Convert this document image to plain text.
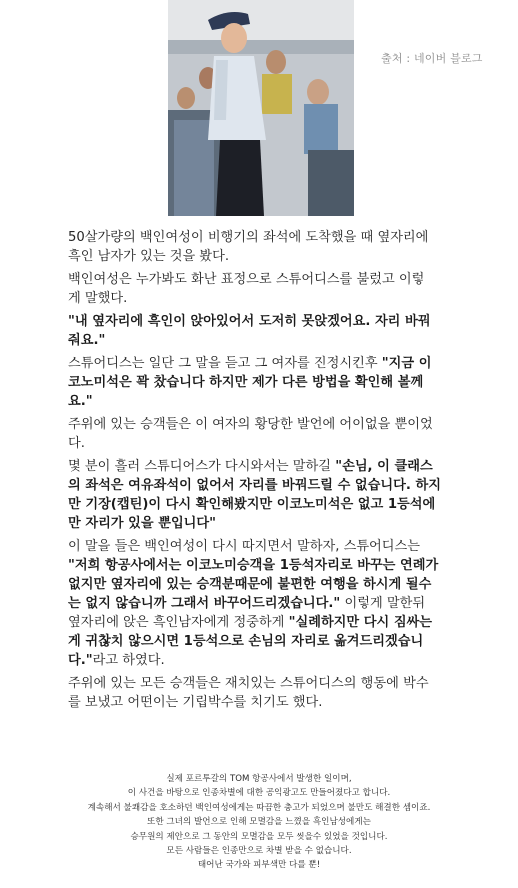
출처 : 네이버 블로그

50살가량의 백인여성이 비행기의 좌석에 도착했을 때 옆자리에
흑인 남자가 있는 것을 봤다.

백인여성은 누가봐도 화난 표정으로 스튜어디스를 불렀고 이렇
게 말했다.

"내 옆자리에 흑인이 앉아있어서 도저히 못앉겠어요. 자리 바꿔
줘요."

스튜어디스는 일단 그 말을 듣고 그 여자를 진정시킨후 "지금 이
코노미석은 꽉 찼습니다 하지만 제가 다른 방법을 확인해 볼께
요."

주위에 있는 승객들은 이 여자의 황당한 발언에 어이없을 뿐이었
다.

몇 분이 흘러 스튜디어스가 다시와서는 말하길 "손님, 이 클래스
의 좌석은 여유좌석이 없어서 자리를 바꿔드릴 수 없습니다. 하지
만 기장(캡틴)이 다시 확인해봤지만 이코노미석은 없고 1등석에
만 자리가 있을 뿐입니다"

이 말을 들은 백인여성이 다시 따지면서 말하자, 스튜어디스는
"저희 항공사에서는 이코노미승객을 1등석자리로 바꾸는 연례가
없지만 옆자리에 있는 승객분때문에 불편한 여행을 하시게 될수
는 없지 않습니까 그래서 바꾸어드리겠습니다." 이렇게 말한뒤
옆자리에 앉은 흑인남자에게 정중하게 "실례하지만 다시 짐싸는
게 귀찮치 않으시면 1등석으로 손님의 자리로 옮겨드리겠습니
다."라고 하였다.

주위에 있는 모든 승객들은 재치있는 스튜어디스의 행동에 박수
를 보냈고 어떤이는 기립박수를 치기도 했다.

실제 포르투갈의 TOM 항공사에서 발생한 일이며,
이 사건을 바탕으로 인종차별에 대한 공익광고도 만들어졌다고 합니다.
계속해서 불쾌감을 호소하던 백인여성에게는 따끔한 충고가 되었으며 불만도 해결한 셈이죠.
또한 그녀의 발언으로 인해 모멸감을 느꼈을 흑인남성에게는
승무원의 제안으로 그 동안의 모멸감을 모두 씻을수 있었을 것입니다.
모든 사람들은 인종만으로 차별 받을 수 없습니다.
태어난 국가와 피부색만 다를 뿐!
